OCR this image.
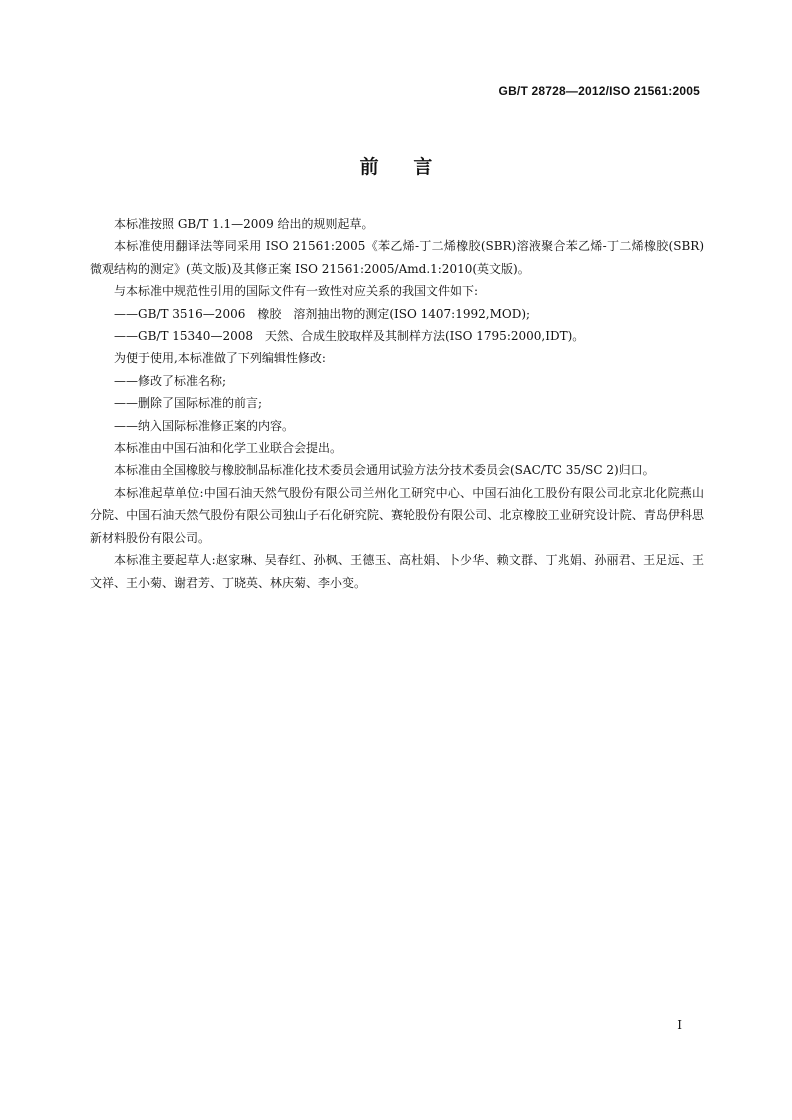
GB/T 28728—2012/ISO 21561:2005
前 言

本标准按照 GB/T 1.1—2009 给出的规则起草。

本标准使用翻译法等同采用 ISO 21561:2005《苯乙烯-丁二烯橡胶(SBR)溶液聚合苯乙烯-丁二烯橡胶(SBR)微观结构的测定》(英文版)及其修正案 ISO 21561:2005/Amd.1:2010(英文版)。

与本标准中规范性引用的国际文件有一致性对应关系的我国文件如下:

——GB/T 3516—2006　橡胶　溶剂抽出物的测定(ISO 1407:1992,MOD);

——GB/T 15340—2008　天然、合成生胶取样及其制样方法(ISO 1795:2000,IDT)。

为便于使用,本标准做了下列编辑性修改:

——修改了标准名称;

——删除了国际标准的前言;

——纳入国际标准修正案的内容。

本标准由中国石油和化学工业联合会提出。

本标准由全国橡胶与橡胶制品标准化技术委员会通用试验方法分技术委员会(SAC/TC 35/SC 2)归口。

本标准起草单位:中国石油天然气股份有限公司兰州化工研究中心、中国石油化工股份有限公司北京北化院燕山分院、中国石油天然气股份有限公司独山子石化研究院、赛轮股份有限公司、北京橡胶工业研究设计院、青岛伊科思新材料股份有限公司。

本标准主要起草人:赵家琳、吴春红、孙枫、王德玉、高杜娟、卜少华、赖文群、丁兆娟、孙丽君、王足远、王文祥、王小菊、谢君芳、丁晓英、林庆菊、李小变。

I
